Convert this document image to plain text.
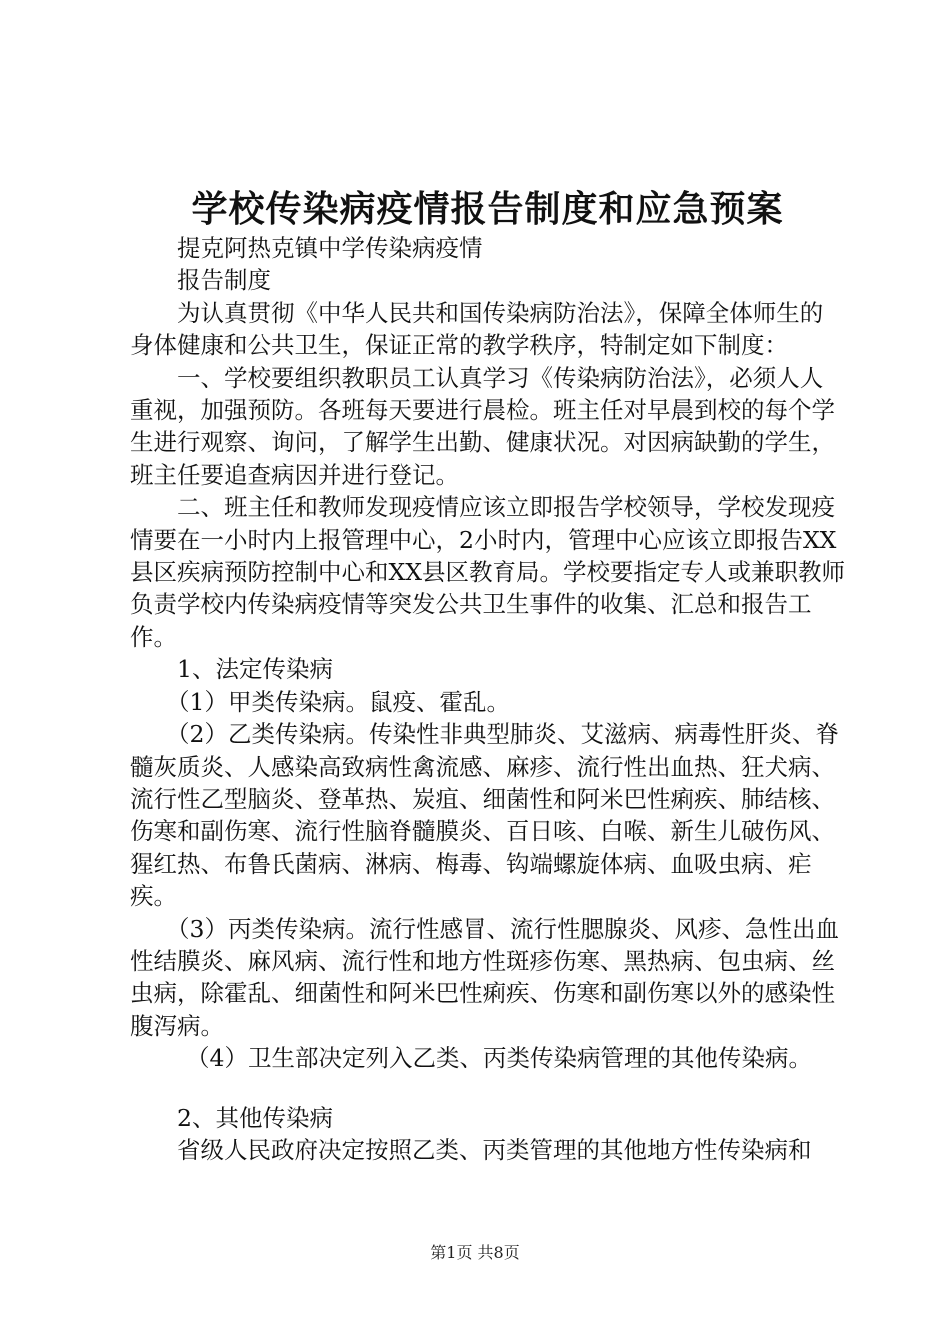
学校传染病疫情报告制度和应急预案

提克阿热克镇中学传染病疫情

报告制度

为认真贯彻《中华人民共和国传染病防治法》，保障全体师生的身体健康和公共卫生，保证正常的教学秩序，特制定如下制度：

一、学校要组织教职员工认真学习《传染病防治法》，必须人人重视，加强预防。各班每天要进行晨检。班主任对早晨到校的每个学生进行观察、询问，了解学生出勤、健康状况。对因病缺勤的学生，班主任要追查病因并进行登记。

二、班主任和教师发现疫情应该立即报告学校领导，学校发现疫情要在一小时内上报管理中心，2小时内，管理中心应该立即报告XX县区疾病预防控制中心和XX县区教育局。学校要指定专人或兼职教师负责学校内传染病疫情等突发公共卫生事件的收集、汇总和报告工作。

1、法定传染病

（1）甲类传染病。鼠疫、霍乱。

（2）乙类传染病。传染性非典型肺炎、艾滋病、病毒性肝炎、脊髓灰质炎、人感染高致病性禽流感、麻疹、流行性出血热、狂犬病、流行性乙型脑炎、登革热、炭疽、细菌性和阿米巴性痢疾、肺结核、伤寒和副伤寒、流行性脑脊髓膜炎、百日咳、白喉、新生儿破伤风、猩红热、布鲁氏菌病、淋病、梅毒、钩端螺旋体病、血吸虫病、疟疾。

（3）丙类传染病。流行性感冒、流行性腮腺炎、风疹、急性出血性结膜炎、麻风病、流行性和地方性斑疹伤寒、黑热病、包虫病、丝虫病，除霍乱、细菌性和阿米巴性痢疾、伤寒和副伤寒以外的感染性腹泻病。

（4）卫生部决定列入乙类、丙类传染病管理的其他传染病。

2、其他传染病

省级人民政府决定按照乙类、丙类管理的其他地方性传染病和

第1页 共8页
